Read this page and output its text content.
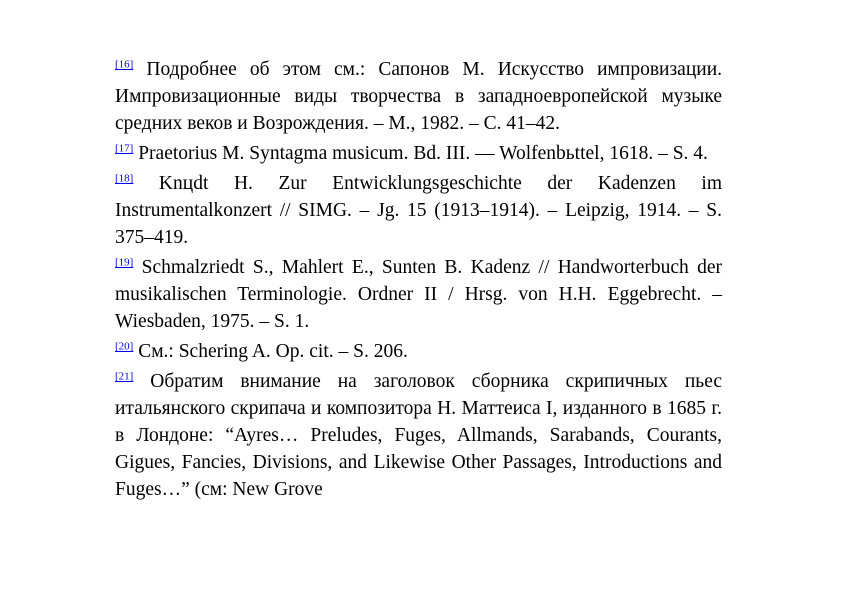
[16] Подробнее об этом см.: Сапонов М. Искусство импровизации. Импровизационные виды творчества в западноевропейской музыке средних веков и Возрождения. – М., 1982. – С. 41–42.

[17] Praetorius M. Syntagma musicum. Bd. III. — Wolfenbьttel, 1618. – S. 4.

[18] Knцdt H. Zur Entwicklungsgeschichte der Kadenzen im Instrumentalkonzert // SIMG. – Jg. 15 (1913–1914). – Leipzig, 1914. – S. 375–419.

[19] Schmalzriedt S., Mahlert E., Sunten B. Kadenz // Handworterbuch der musikalischen Terminologie. Ordner II / Hrsg. von H.H. Eggebrecht. – Wiesbaden, 1975. – S. 1.

[20] См.: Schering A. Op. cit. – S. 206.

[21] Обратим внимание на заголовок сборника скрипичных пьес итальянского скрипача и композитора Н. Маттеиса I, изданного в 1685 г. в Лондоне: “Ayres… Preludes, Fuges, Allmands, Sarabands, Courants, Gigues, Fancies, Divisions, and Likewise Other Passages, Introductions and Fuges…” (см: New Grove
